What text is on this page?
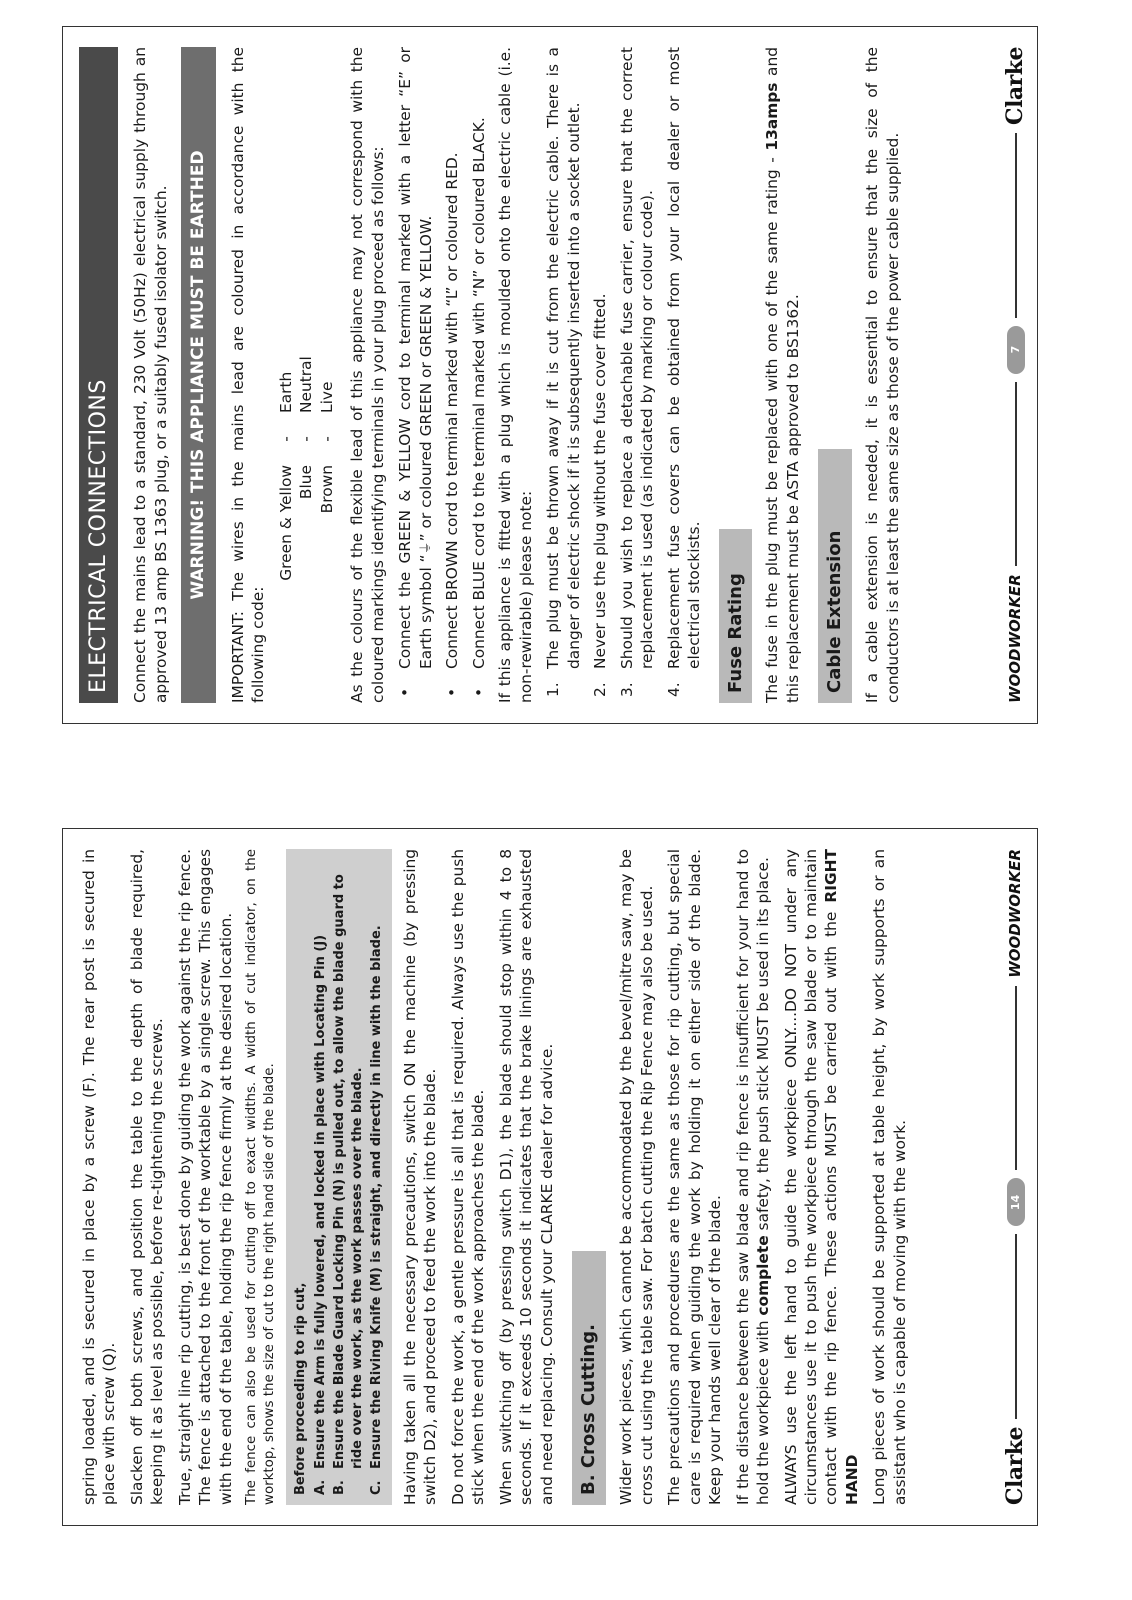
spring loaded, and is secured in place by a screw (F). The rear post is secured in place with screw (Q). Slacken off both screws, and position the table to the depth of blade required, keeping it as level as possible, before re-tightening the screws. True, straight line rip cutting, is best done by guiding the work against the rip fence. The fence is attached to the front of the worktable by a single screw. This engages with the end of the table, holding the rip fence firmly at the desired location. The fence can also be used for cutting off to exact widths. A width of cut indicator, on the worktop, shows the size of cut to the right hand side of the blade. Before proceeding to rip cut, A.
Ensure the Arm is fully lowered, and locked in place with Locating Pin (J)
B.
Ensure the Blade Guard Locking Pin (N) is pulled out, to allow the blade guard to ride over the work, as the work passes over the blade.
C.
Ensure the Riving Knife (M) is straight, and directly in line with the blade. Having taken all the necessary precautions, switch ON the machine (by pressing switch D2), and proceed to feed the work into the blade. Do not force the work, a gentle pressure is all that is required. Always use the push stick when the end of the work approaches the blade. When switching off (by pressing switch D1), the blade should stop within 4 to 8 seconds. If it exceeds 10 seconds it indicates that the brake linings are exhausted and need replacing. Consult your CLARKE dealer for advice. B. Cross Cutting. Wider work pieces, which cannot be accommodated by the bevel/mitre saw, may be cross cut using the table saw. For batch cutting the Rip Fence may also be used. The precautions and procedures are the same as those for rip cutting, but special care is required when guiding the work by holding it on either side of the blade. Keep your hands well clear of the blade. If the distance between the saw blade and rip fence is insufficient for your hand to hold the workpiece with complete safety, the push stick MUST be used in its place. ALWAYS use the left hand to guide the workpiece ONLY....DO NOT under any circumstances use it to push the workpiece through the saw blade or to maintain contact with the rip fence. These actions MUST be carried out with the RIGHT HAND Long pieces of work should be supported at table height, by work supports or an assistant who is capable of moving with the work.	Clarke
14
WOODWORKER
ELECTRICAL CONNECTIONS	Connect the mains lead to a standard, 230 Volt (50Hz) electrical supply through an approved 13 amp BS 1363 plug, or a suitably fused isolator switch.	WARNING! THIS APPLIANCE MUST BE EARTHED	IMPORTANT: The wires in the mains lead are coloured in accordance with the following code:

Green & Yellow	-	Earth
Blue	-	Neutral
Brown	-	Live As the colours of the flexible lead of this appliance may not correspond with the coloured markings identifying terminals in your plug proceed as follows: •
Connect the GREEN & YELLOW cord to terminal marked with a letter “E” or Earth symbol “⏚” or coloured GREEN or GREEN & YELLOW.
•
Connect BROWN cord to terminal marked with “L” or coloured RED.
•
Connect BLUE cord to the terminal marked with “N” or coloured BLACK. If this appliance is fitted with a plug which is moulded onto the electric cable (i.e. non-rewirable) please note: 1.
The plug must be thrown away if it is cut from the electric cable. There is a danger of electric shock if it is subsequently inserted into a socket outlet.
2.
Never use the plug without the fuse cover fitted.
3.
Should you wish to replace a detachable fuse carrier, ensure that the correct replacement is used (as indicated by marking or colour code).
4.
Replacement fuse covers can be obtained from your local dealer or most electrical stockists. Fuse Rating The fuse in the plug must be replaced with one of the same rating - 13amps and this replacement must be ASTA approved to BS1362. Cable Extension If a cable extension is needed, it is essential to ensure that the size of the conductors is at least the same size as those of the power cable supplied.	WOODWORKER
7
Clarke
